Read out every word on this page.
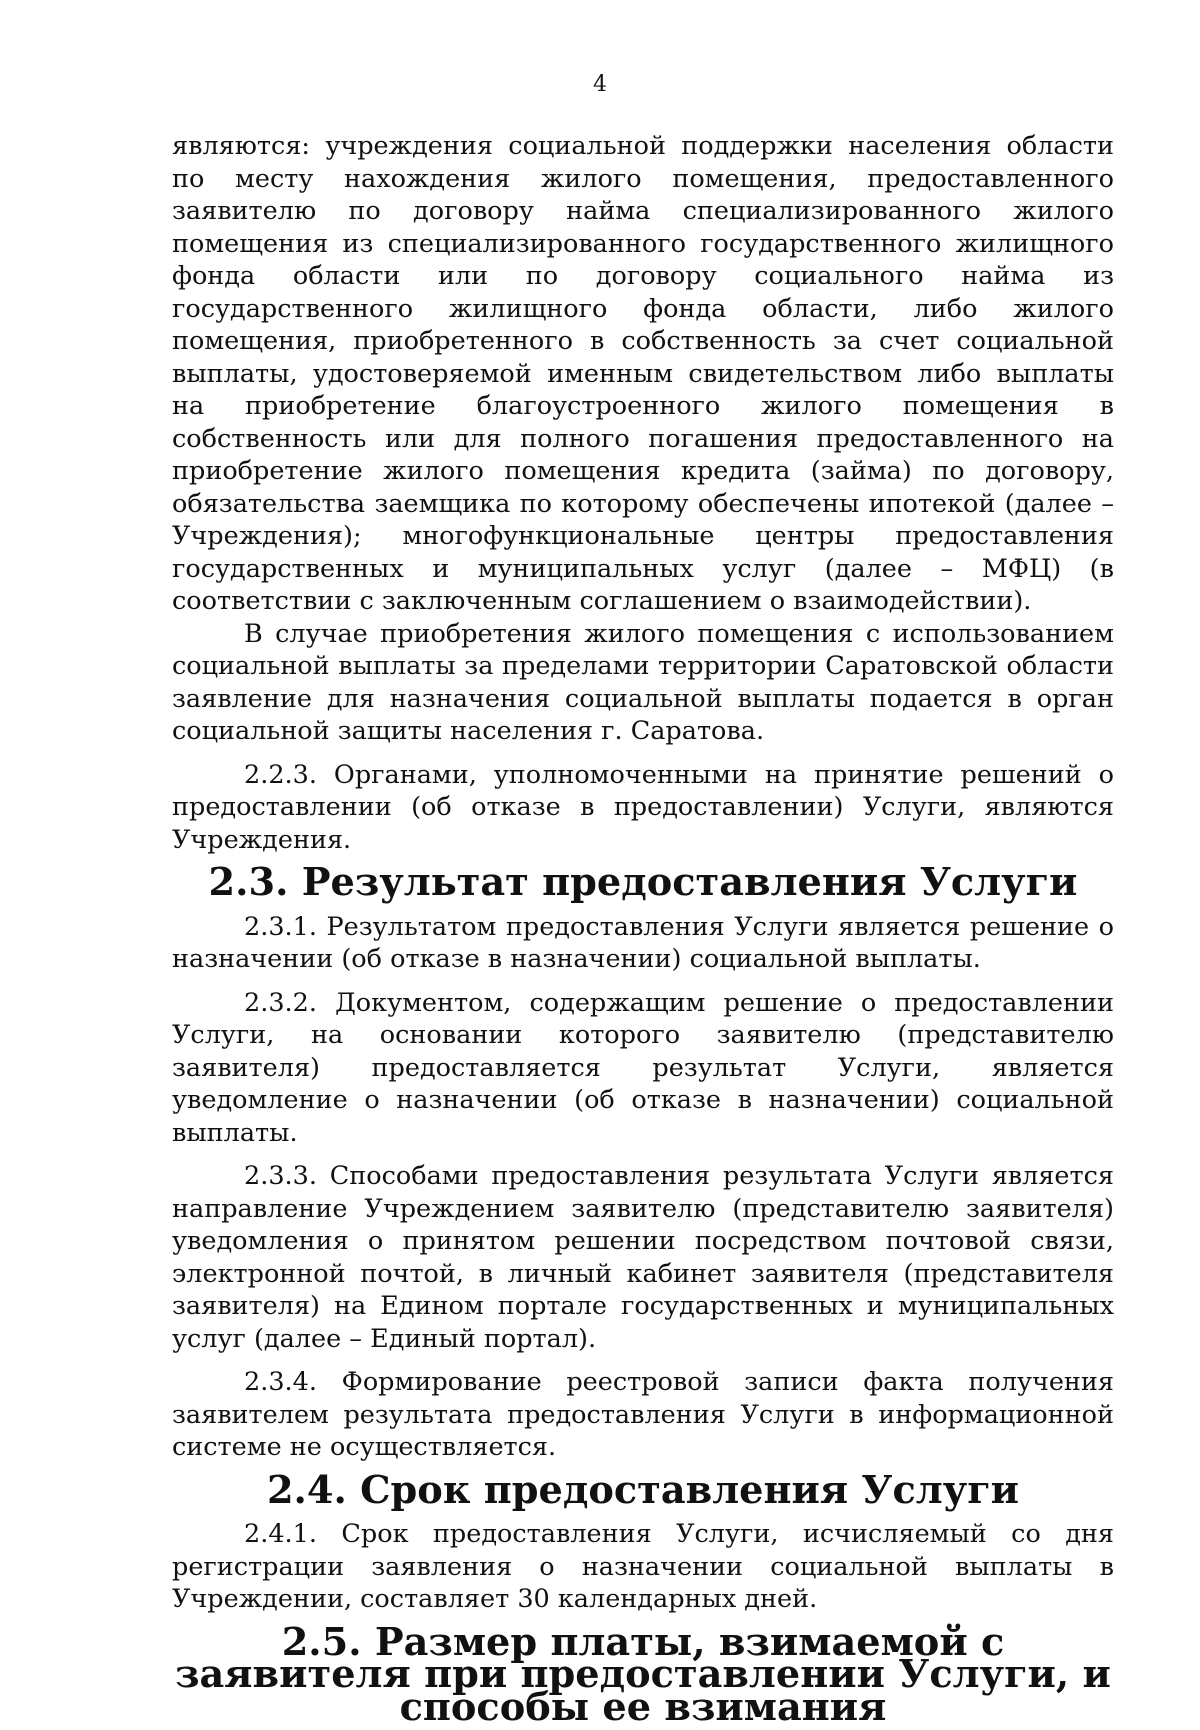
4

являются: учреждения социальной поддержки населения области по месту нахождения жилого помещения, предоставленного заявителю по договору найма специализированного жилого помещения из специализированного государственного жилищного фонда области или по договору социального найма из государственного жилищного фонда области, либо жилого помещения, приобретенного в собственность за счет социальной выплаты, удостоверяемой именным свидетельством либо выплаты на приобретение благоустроенного жилого помещения в собственность или для полного погашения предоставленного на приобретение жилого помещения кредита (займа) по договору, обязательства заемщика по которому обеспечены ипотекой (далее – Учреждения); многофункциональные центры предоставления государственных и муниципальных услуг (далее – МФЦ) (в соответствии с заключенным соглашением о взаимодействии).

В случае приобретения жилого помещения с использованием социальной выплаты за пределами территории Саратовской области заявление для назначения социальной выплаты подается в орган социальной защиты населения г. Саратова.

2.2.3. Органами, уполномоченными на принятие решений о предоставлении (об отказе в предоставлении) Услуги, являются Учреждения.

2.3. Результат предоставления Услуги

2.3.1. Результатом предоставления Услуги является решение о назначении (об отказе в назначении) социальной выплаты.

2.3.2. Документом, содержащим решение о предоставлении Услуги, на основании которого заявителю (представителю заявителя) предоставляется результат Услуги, является уведомление о назначении (об отказе в назначении) социальной выплаты.

2.3.3. Способами предоставления результата Услуги является направление Учреждением заявителю (представителю заявителя) уведомления о принятом решении посредством почтовой связи, электронной почтой, в личный кабинет заявителя (представителя заявителя) на Едином портале государственных и муниципальных услуг (далее – Единый портал).

2.3.4. Формирование реестровой записи факта получения заявителем результата предоставления Услуги в информационной системе не осуществляется.

2.4. Срок предоставления Услуги

2.4.1. Срок предоставления Услуги, исчисляемый со дня регистрации заявления о назначении социальной выплаты в Учреждении, составляет 30 календарных дней.

2.5. Размер платы, взимаемой с заявителя при предоставлении Услуги, и способы ее взимания
